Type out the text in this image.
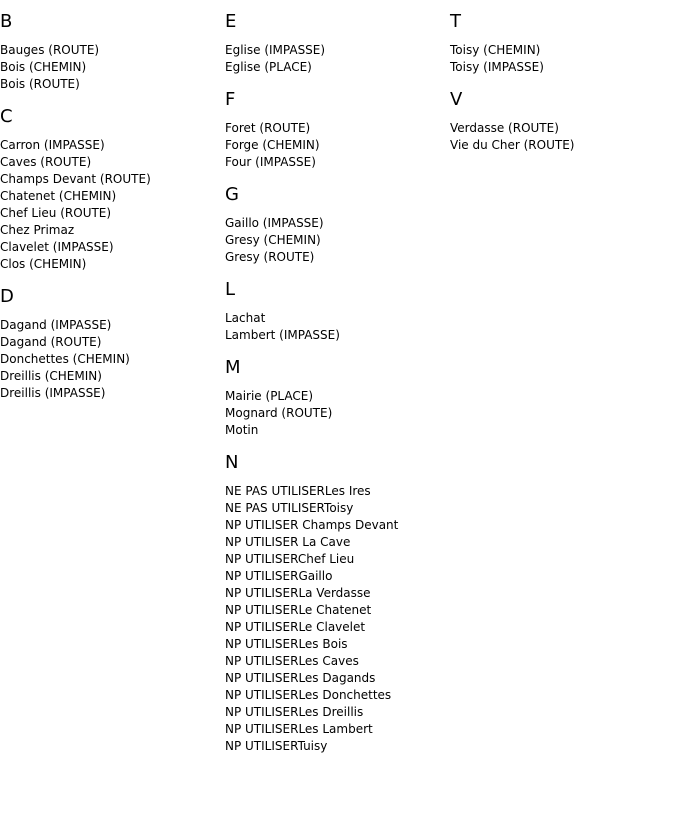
B
Bauges (ROUTE)
Bois (CHEMIN)
Bois (ROUTE)
C
Carron (IMPASSE)
Caves (ROUTE)
Champs Devant (ROUTE)
Chatenet (CHEMIN)
Chef Lieu (ROUTE)
Chez Primaz
Clavelet (IMPASSE)
Clos (CHEMIN)
D
Dagand (IMPASSE)
Dagand (ROUTE)
Donchettes (CHEMIN)
Dreillis (CHEMIN)
Dreillis (IMPASSE)
E
Eglise (IMPASSE)
Eglise (PLACE)
F
Foret (ROUTE)
Forge (CHEMIN)
Four (IMPASSE)
G
Gaillo (IMPASSE)
Gresy (CHEMIN)
Gresy (ROUTE)
L
Lachat
Lambert (IMPASSE)
M
Mairie (PLACE)
Mognard (ROUTE)
Motin
N
NE PAS UTILISERLes Ires
NE PAS UTILISERToisy
NP UTILISER Champs Devant
NP UTILISER La Cave
NP UTILISERChef Lieu
NP UTILISERGaillo
NP UTILISERLa Verdasse
NP UTILISERLe Chatenet
NP UTILISERLe Clavelet
NP UTILISERLes Bois
NP UTILISERLes Caves
NP UTILISERLes Dagands
NP UTILISERLes Donchettes
NP UTILISERLes Dreillis
NP UTILISERLes Lambert
NP UTILISERTuisy
T
Toisy (CHEMIN)
Toisy (IMPASSE)
V
Verdasse (ROUTE)
Vie du Cher (ROUTE)
